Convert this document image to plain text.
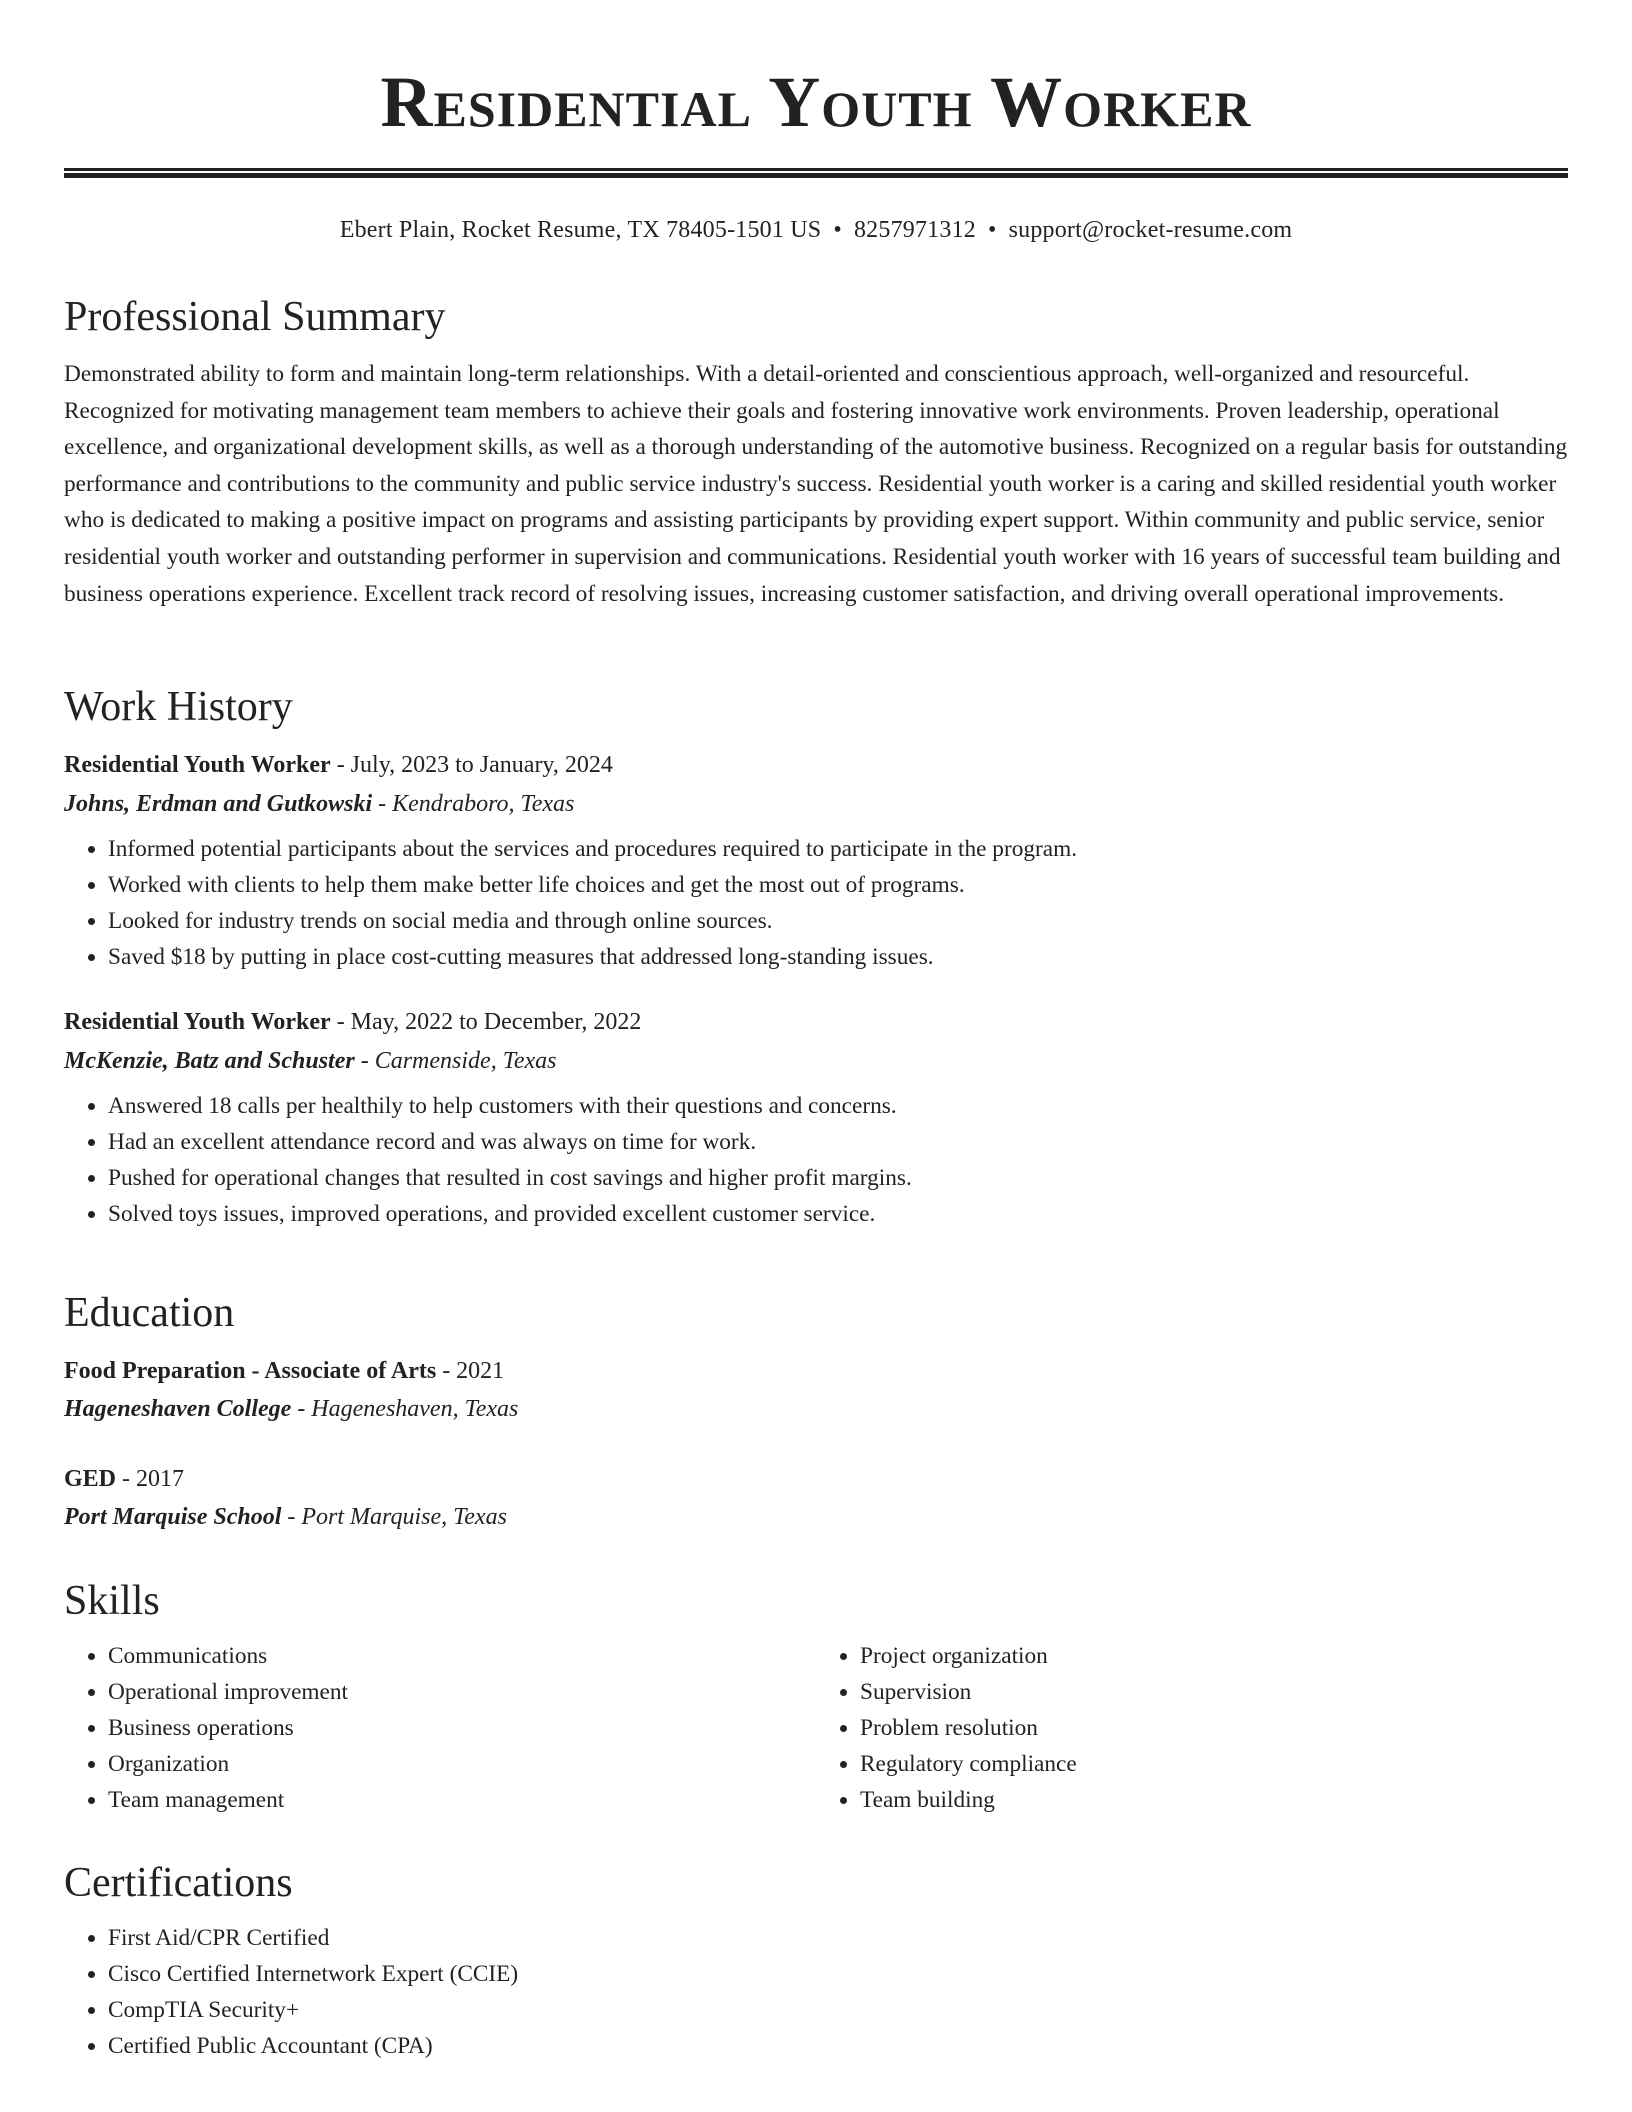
Residential Youth Worker
Ebert Plain, Rocket Resume, TX 78405-1501 US • 8257971312 • support@rocket-resume.com
Professional Summary

Demonstrated ability to form and maintain long-term relationships. With a detail-oriented and conscientious approach, well-organized and resourceful. Recognized for motivating management team members to achieve their goals and fostering innovative work environments. Proven leadership, operational excellence, and organizational development skills, as well as a thorough understanding of the automotive business. Recognized on a regular basis for outstanding performance and contributions to the community and public service industry's success. Residential youth worker is a caring and skilled residential youth worker who is dedicated to making a positive impact on programs and assisting participants by providing expert support. Within community and public service, senior residential youth worker and outstanding performer in supervision and communications. Residential youth worker with 16 years of successful team building and business operations experience. Excellent track record of resolving issues, increasing customer satisfaction, and driving overall operational improvements.

Work History
Residential Youth Worker - July, 2023 to January, 2024
Johns, Erdman and Gutkowski - Kendraboro, Texas
• Informed potential participants about the services and procedures required to participate in the program.
• Worked with clients to help them make better life choices and get the most out of programs.
• Looked for industry trends on social media and through online sources.
• Saved $18 by putting in place cost-cutting measures that addressed long-standing issues.
Residential Youth Worker - May, 2022 to December, 2022
McKenzie, Batz and Schuster - Carmenside, Texas
• Answered 18 calls per healthily to help customers with their questions and concerns.
• Had an excellent attendance record and was always on time for work.
• Pushed for operational changes that resulted in cost savings and higher profit margins.
• Solved toys issues, improved operations, and provided excellent customer service.
Education
Food Preparation - Associate of Arts - 2021
Hageneshaven College - Hageneshaven, Texas
GED - 2017
Port Marquise School - Port Marquise, Texas
Skills
• Communications
• Operational improvement
• Business operations
• Organization
• Team management
• Project organization
• Supervision
• Problem resolution
• Regulatory compliance
• Team building
Certifications
• First Aid/CPR Certified
• Cisco Certified Internetwork Expert (CCIE)
• CompTIA Security+
• Certified Public Accountant (CPA)
